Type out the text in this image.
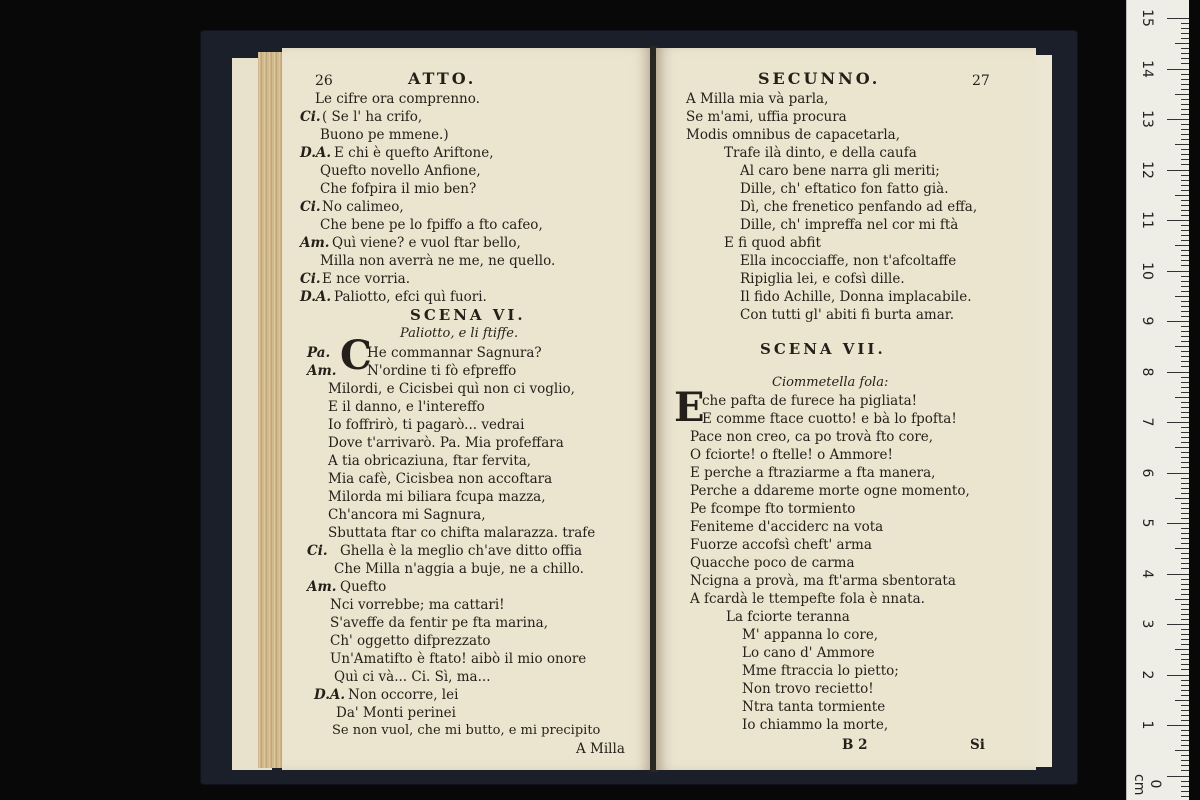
26	ATTO.
Le cifre ora comprenno.
Ci. ( Se l' ha crifo,
Buono pe mmene.)
D.A. E chi è quefto Ariftone,
Quefto novello Anfione,
Che fofpira il mio ben?
Ci. No calimeo,
Che bene pe lo fpiffo a fto cafeo,
Am. Quì viene? e vuol ftar bello,
Milla non averrà ne me, ne quello.
Ci. E nce vorria.
D.A. Paliotto, efci quì fuori.
SCENA VI.
Paliotto, e li ftiffe.
Pa. C
He commannar Sagnura?
Am. N'ordine ti fò efpreffo
Milordi, e Cicisbei quì non ci voglio,
E il danno, e l'intereffo
Io foffrirò, ti pagarò... vedrai
Dove t'arrivarò. Pa. Mia profeffara
A tia obricaziuna, ftar fervita,
Mia cafè, Cicisbea non accoftara
Milorda mi biliara fcupa mazza,
Ch'ancora mi Sagnura,
Sbuttata ftar co chifta malarazza. trafe
Ci. Ghella è la meglio ch'ave ditto offia
Che Milla n'aggia a buje, ne a chillo.
Am. Quefto
Nci vorrebbe; ma cattari!
S'aveffe da fentir pe fta marina,
Ch' oggetto difprezzato
Un'Amatifto è ftato! aibò il mio onore
Quì ci và... Ci. Sì, ma...
D.A. Non occorre, lei
Da' Monti perinei
Se non vuol, che mi butto, e mi precipito
A Milla
SECUNNO.	27
A Milla mia và parla,
Se m'ami, uffia procura
Modis omnibus de capacetarla,
Trafe ilà dinto, e della caufa
Al caro bene narra gli meriti;
Dille, ch' eftatico fon fatto già.
Dì, che frenetico penfando ad effa,
Dille, ch' impreffa nel cor mi ftà
E fi quod abfit
Ella incocciaffe, non t'afcoltaffe
Ripiglia lei, e cofsì dille.
Il fido Achille, Donna implacabile.
Con tutti gl' abiti fi burta amar.
SCENA VII.
Ciommetella fola:
E
che pafta de furece ha pigliata!
E comme ftace cuotto! e bà lo fpofta!
Pace non creo, ca po trovà fto core,
O fciorte! o ftelle! o Ammore!
E perche a ftraziarme a fta manera,
Perche a ddareme morte ogne momento,
Pe fcompe fto tormiento
Feniteme d'acciderc na vota
Fuorze accofsì cheft' arma
Quacche poco de carma
Ncigna a provà, ma ft'arma sbentorata
A fcardà le ttempefte fola è nnata.
La fciorte teranna
M' appanna lo core,
Lo cano d' Ammore
Mme ftraccia lo pietto;
Non trovo recietto!
Ntra tanta tormiente
Io chiammo la morte,
B 2	Si
15
14
13
12
11
10
9
8
7
6
5
4
3
2
1
0 cm
